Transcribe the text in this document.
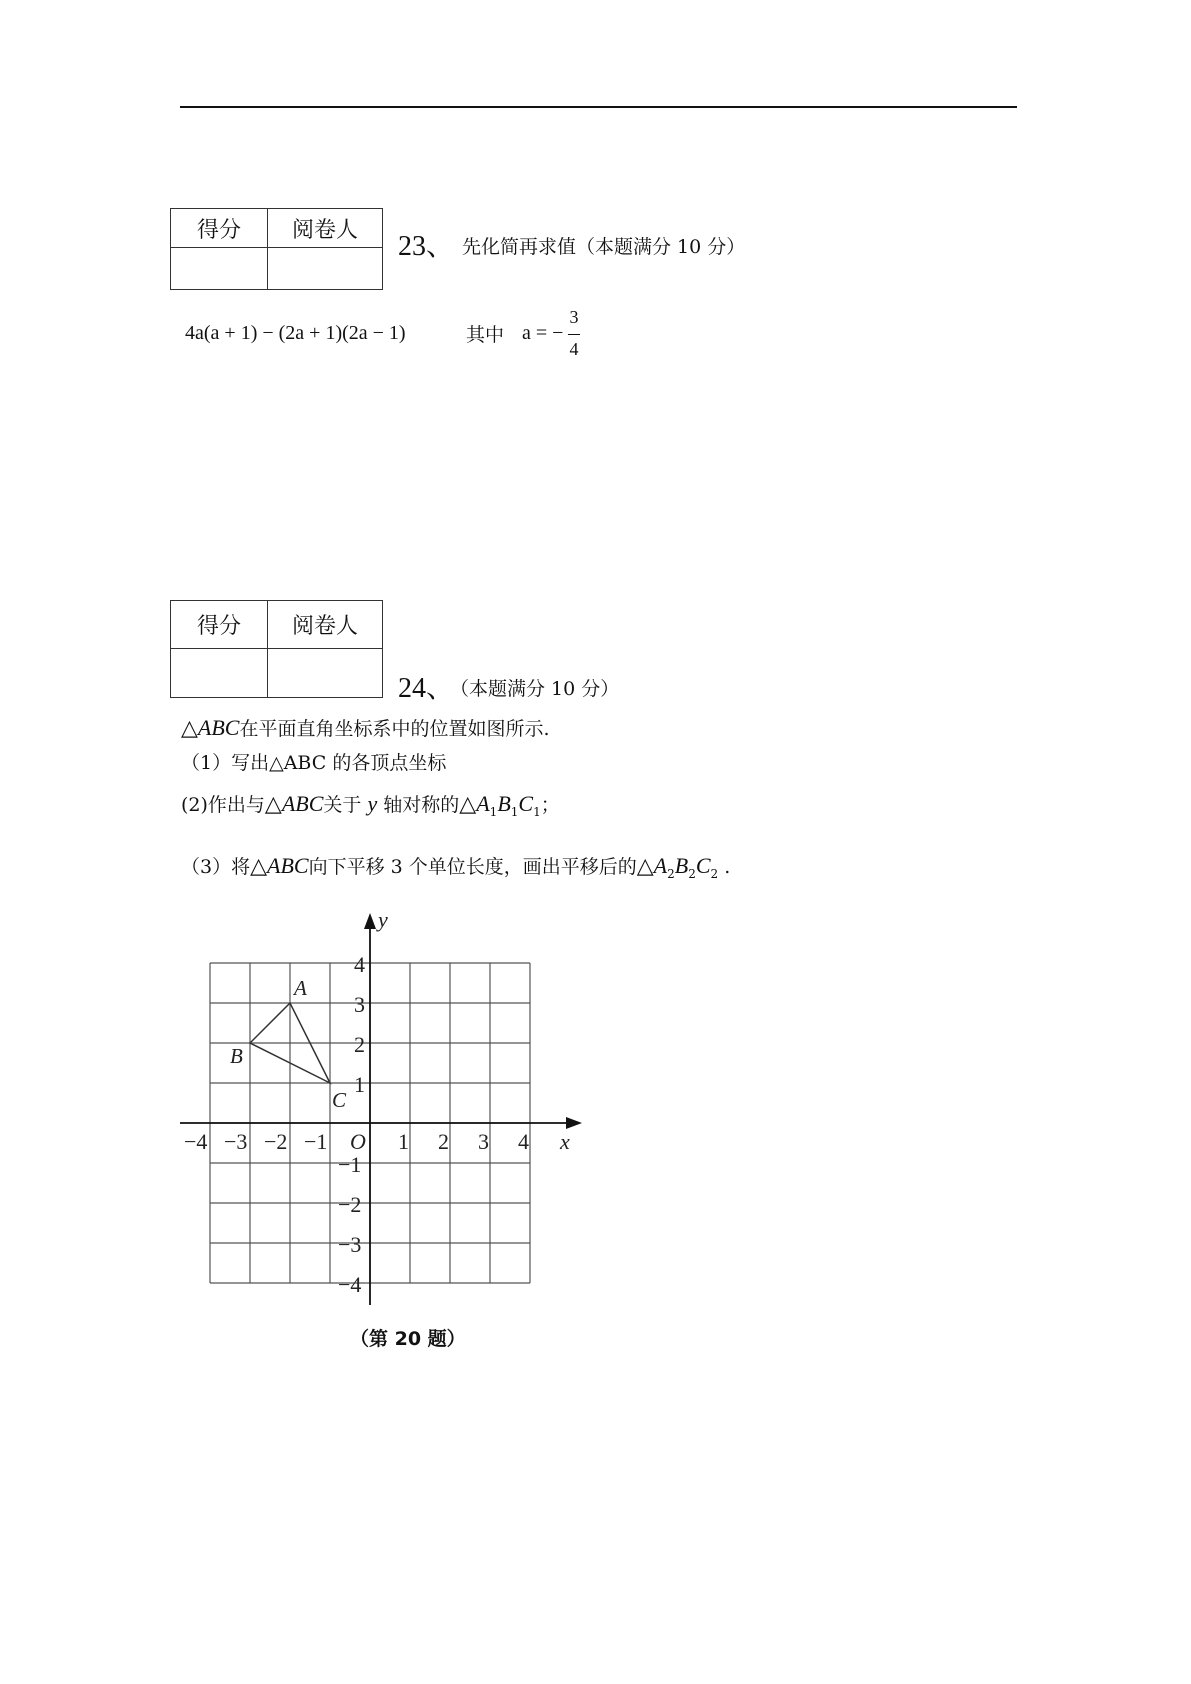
得分	阅卷人

23、 先化简再求值（本题满分 10 分）
4a(a + 1) − (2a + 1)(2a − 1)	其中 a = −
3
4
得分	阅卷人

24、
（本题满分 10 分）
△ABC在平面直角坐标系中的位置如图所示.
（1）写出△ABC 的各顶点坐标
(2)作出与△ABC关于 y 轴对称的$\triangle A_1B_1C_1$；
（3）将△ABC向下平移 3 个单位长度，画出平移后的$\triangle A_2B_2C_2$ .
x
y
O
−4 −3 −2 −1	1 2 3 4
4
3
2
1
−1
−2
−3
−4
A
B
C
（第 20 题）
